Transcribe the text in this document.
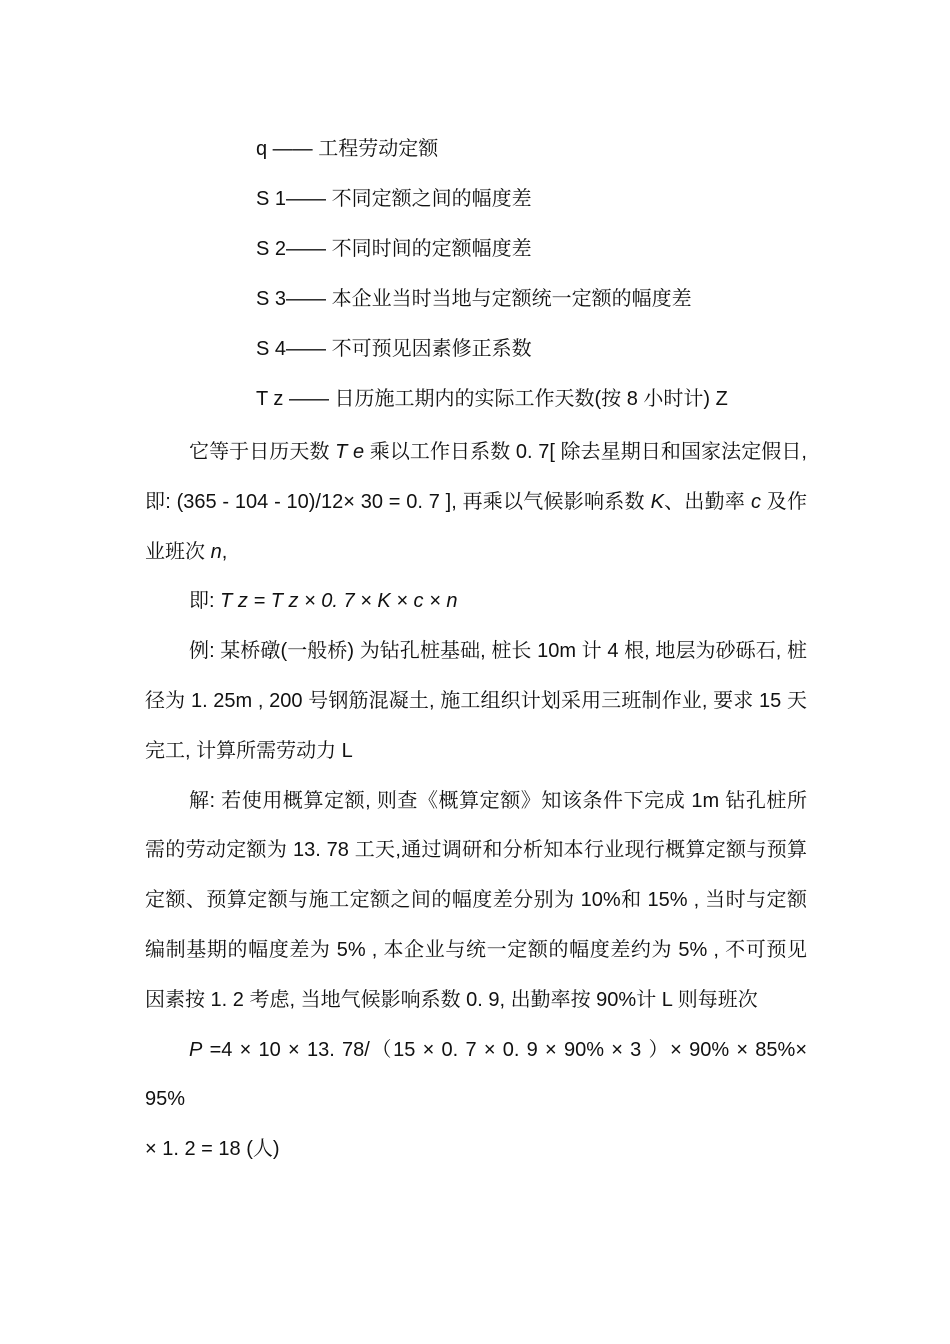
q —— 工程劳动定额
S 1—— 不同定额之间的幅度差
S 2—— 不同时间的定额幅度差
S 3—— 本企业当时当地与定额统一定额的幅度差
S 4—— 不可预见因素修正系数
T z —— 日历施工期内的实际工作天数(按 8 小时计) Z

它等于日历天数 T e 乘以工作日系数 0. 7[ 除去星期日和国家法定假日, 即: (365 - 104 - 10)/12× 30 = 0. 7 ], 再乘以气候影响系数 K、出勤率 c 及作业班次 n,

即: T z = T z × 0. 7 × K × c × n

例: 某桥礅(一般桥) 为钻孔桩基础, 桩长 10m 计 4 根, 地层为砂砾石, 桩径为 1. 25m , 200 号钢筋混凝土, 施工组织计划采用三班制作业, 要求 15 天完工, 计算所需劳动力 L

解: 若使用概算定额, 则查《概算定额》知该条件下完成 1m 钻孔桩所需的劳动定额为 13. 78 工天,通过调研和分析知本行业现行概算定额与预算定额、预算定额与施工定额之间的幅度差分别为 10%和 15% , 当时与定额编制基期的幅度差为 5% , 本企业与统一定额的幅度差约为 5% , 不可预见因素按 1. 2 考虑, 当地气候影响系数 0. 9, 出勤率按 90%计 L 则每班次

P =4 × 10 × 13. 78/（15 × 0. 7 × 0. 9 × 90% × 3 ）× 90% × 85%× 95%
× 1. 2 = 18 (人)
